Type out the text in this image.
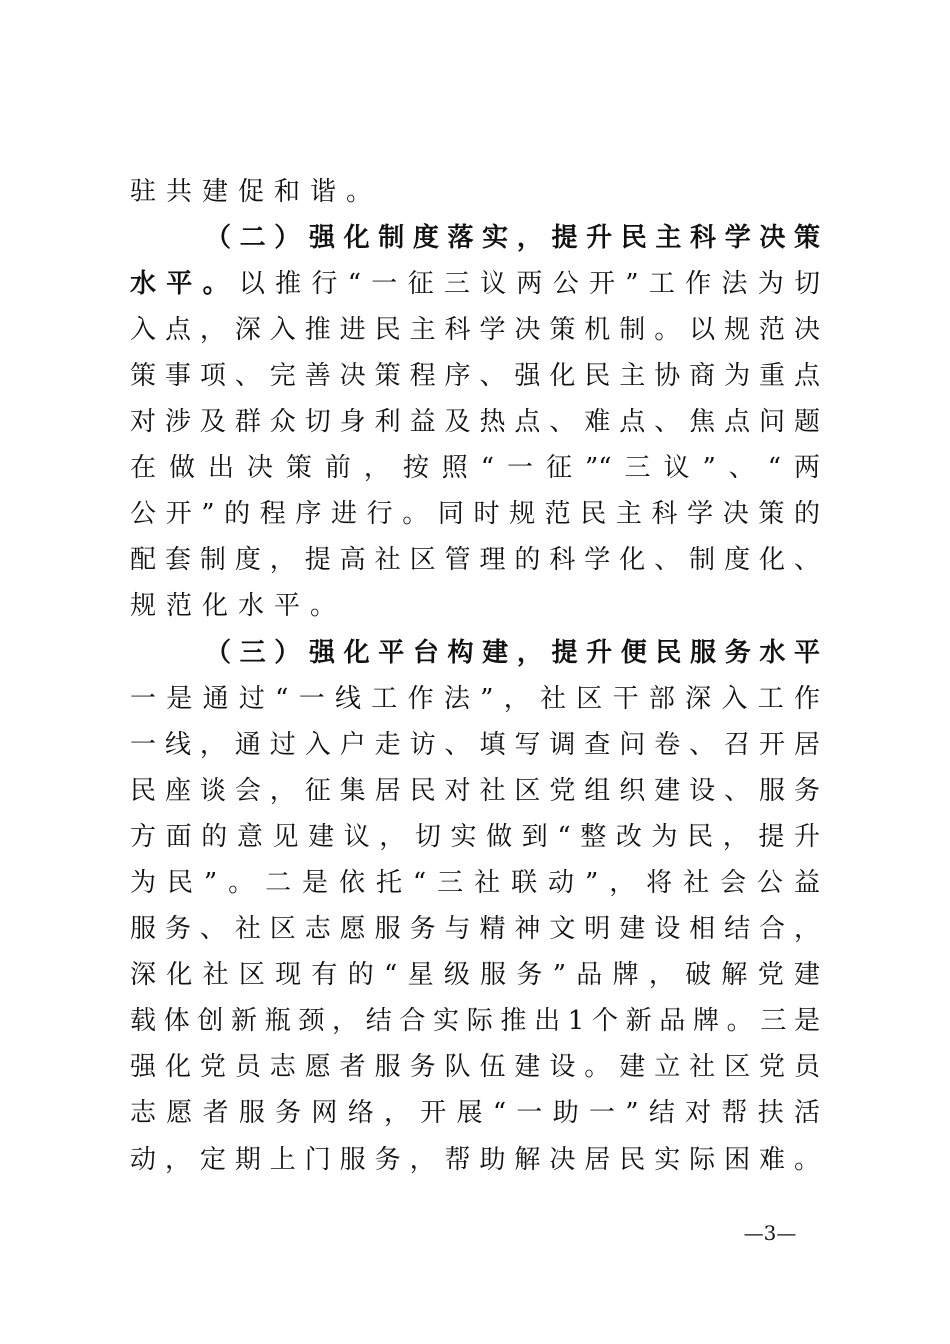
驻共建促和谐。
（二）强化制度落实，提升民主科学决策
水平。以推行“一征三议两公开”工作法为切
入点，深入推进民主科学决策机制。以规范决
策事项、完善决策程序、强化民主协商为重点
对涉及群众切身利益及热点、难点、焦点问题
在做出决策前，按照“一征”“三议”、“两
公开”的程序进行。同时规范民主科学决策的
配套制度，提高社区管理的科学化、制度化、
规范化水平。
（三）强化平台构建，提升便民服务水平
一是通过“一线工作法”，社区干部深入工作
一线，通过入户走访、填写调查问卷、召开居
民座谈会，征集居民对社区党组织建设、服务
方面的意见建议，切实做到“整改为民，提升
为民”。二是依托“三社联动”，将社会公益
服务、社区志愿服务与精神文明建设相结合，
深化社区现有的“星级服务”品牌，破解党建
载体创新瓶颈，结合实际推出1个新品牌。三是
强化党员志愿者服务队伍建设。建立社区党员
志愿者服务网络，开展“一助一”结对帮扶活
动，定期上门服务，帮助解决居民实际困难。
—3—
